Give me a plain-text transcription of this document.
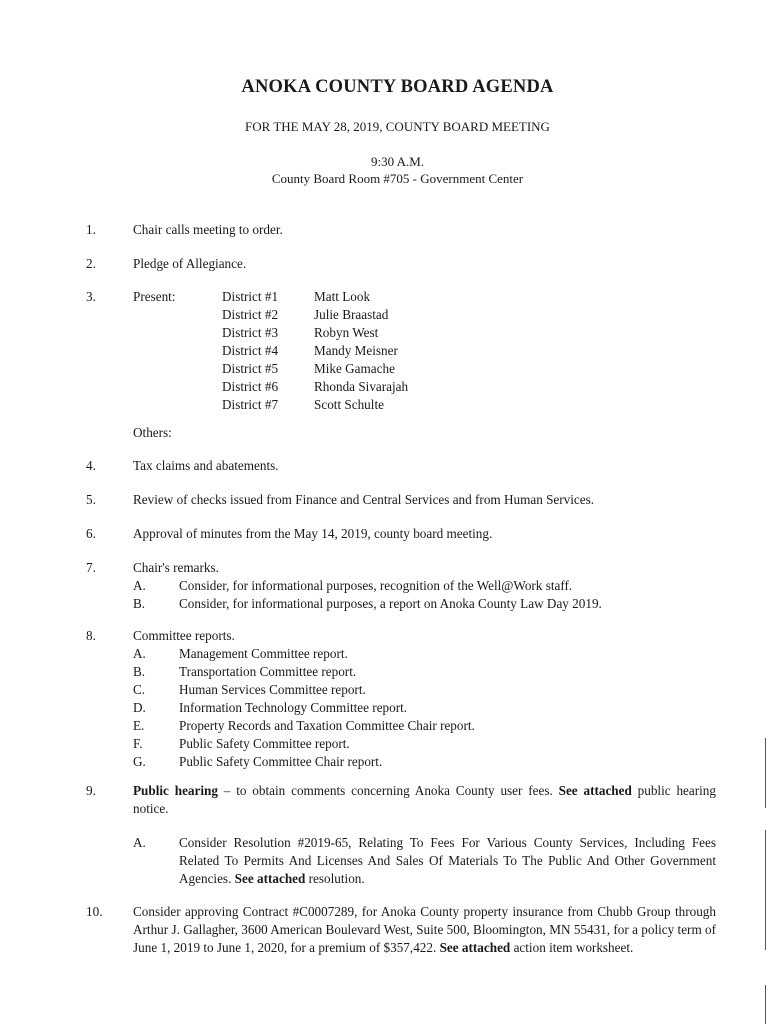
ANOKA COUNTY BOARD AGENDA
FOR THE MAY 28, 2019, COUNTY BOARD MEETING
9:30 A.M.
County Board Room #705 - Government Center
1.	Chair calls meeting to order.
2.	Pledge of Allegiance.
3.	Present:	District #1	Matt Look
District #2	Julie Braastad
District #3	Robyn West
District #4	Mandy Meisner
District #5	Mike Gamache
District #6	Rhonda Sivarajah
District #7	Scott Schulte
Others:
4.	Tax claims and abatements.
5.	Review of checks issued from Finance and Central Services and from Human Services.
6.	Approval of minutes from the May 14, 2019, county board meeting.
7.	Chair's remarks.
A.	Consider, for informational purposes, recognition of the Well@Work staff.
B.	Consider, for informational purposes, a report on Anoka County Law Day 2019.
8.	Committee reports.
A.	Management Committee report.
B.	Transportation Committee report.
C.	Human Services Committee report.
D.	Information Technology Committee report.
E.	Property Records and Taxation Committee Chair report.
F.	Public Safety Committee report.
G.	Public Safety Committee Chair report.
9.	Public hearing – to obtain comments concerning Anoka County user fees. See attached public hearing notice.
A.	Consider Resolution #2019-65, Relating To Fees For Various County Services, Including Fees Related To Permits And Licenses And Sales Of Materials To The Public And Other Government Agencies. See attached resolution.
10.	Consider approving Contract #C0007289, for Anoka County property insurance from Chubb Group through Arthur J. Gallagher, 3600 American Boulevard West, Suite 500, Bloomington, MN 55431, for a policy term of June 1, 2019 to June 1, 2020, for a premium of $357,422. See attached action item worksheet.
